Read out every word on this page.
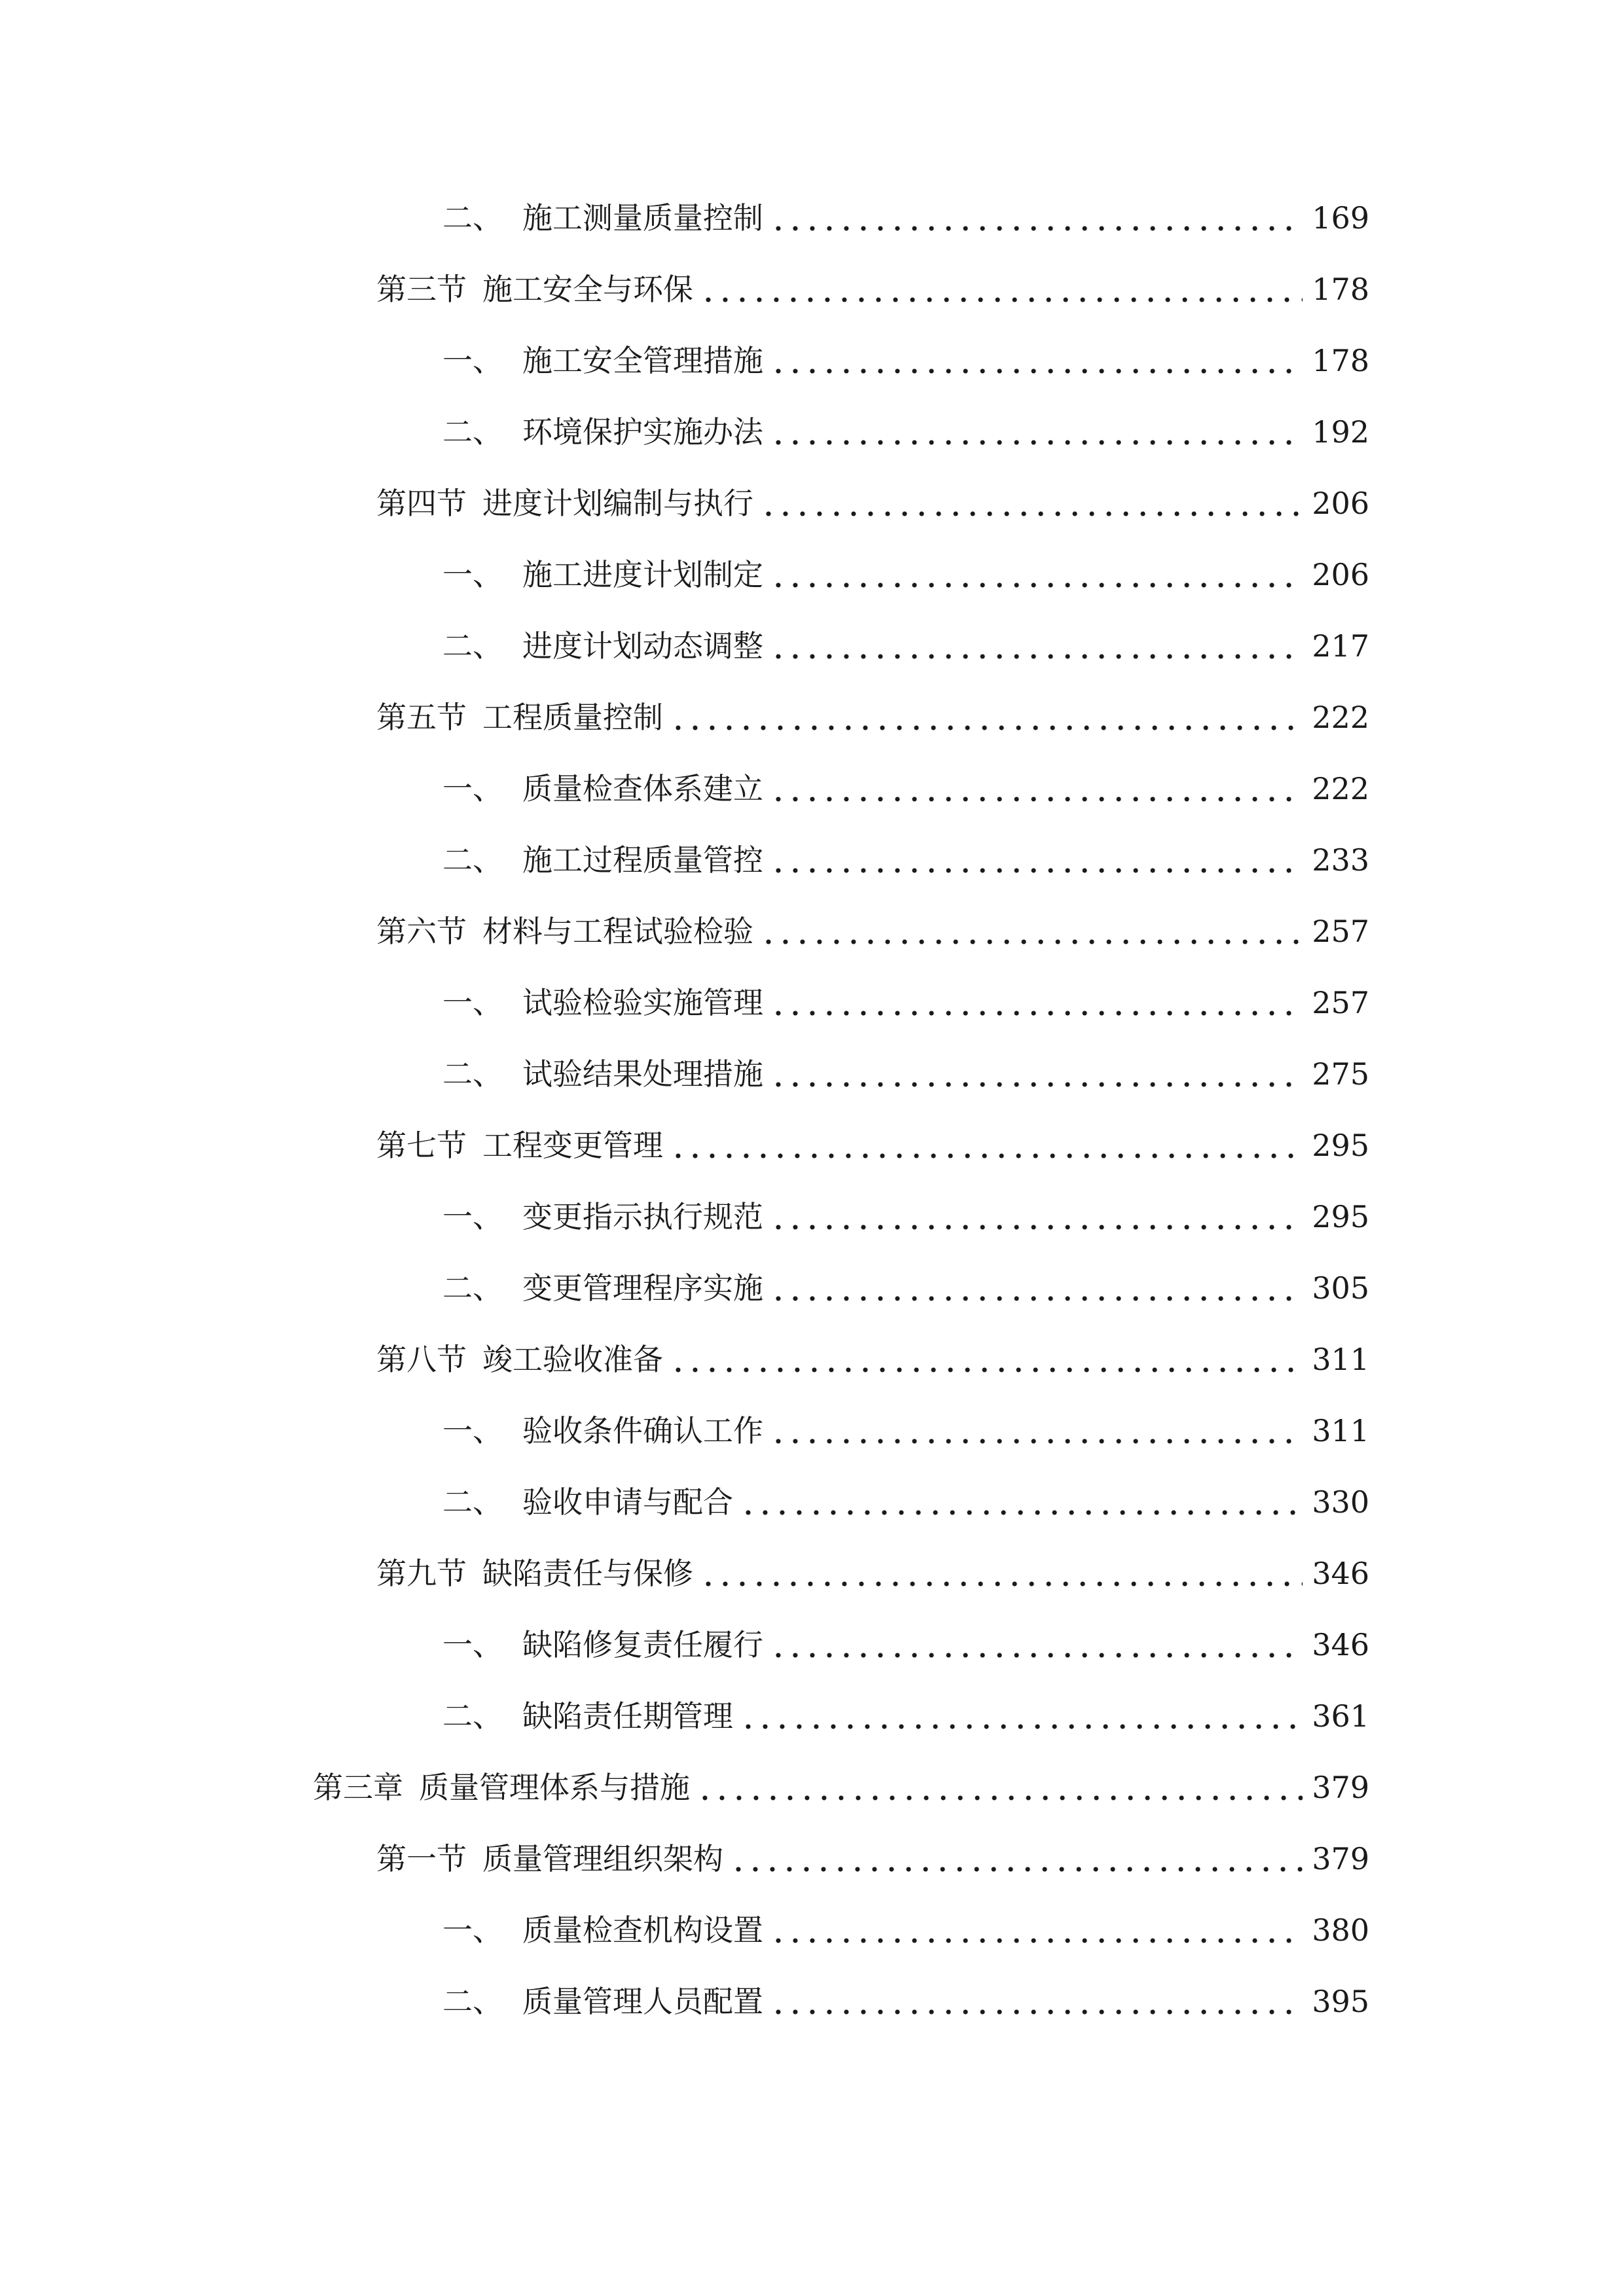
二、 施工测量质量控制	169
第三节 施工安全与环保	178
一、 施工安全管理措施	178
二、 环境保护实施办法	192
第四节 进度计划编制与执行	206
一、 施工进度计划制定	206
二、 进度计划动态调整	217
第五节 工程质量控制	222
一、 质量检查体系建立	222
二、 施工过程质量管控	233
第六节 材料与工程试验检验	257
一、 试验检验实施管理	257
二、 试验结果处理措施	275
第七节 工程变更管理	295
一、 变更指示执行规范	295
二、 变更管理程序实施	305
第八节 竣工验收准备	311
一、 验收条件确认工作	311
二、 验收申请与配合	330
第九节 缺陷责任与保修	346
一、 缺陷修复责任履行	346
二、 缺陷责任期管理	361
第三章 质量管理体系与措施	379
第一节 质量管理组织架构	379
一、 质量检查机构设置	380
二、 质量管理人员配置	395
